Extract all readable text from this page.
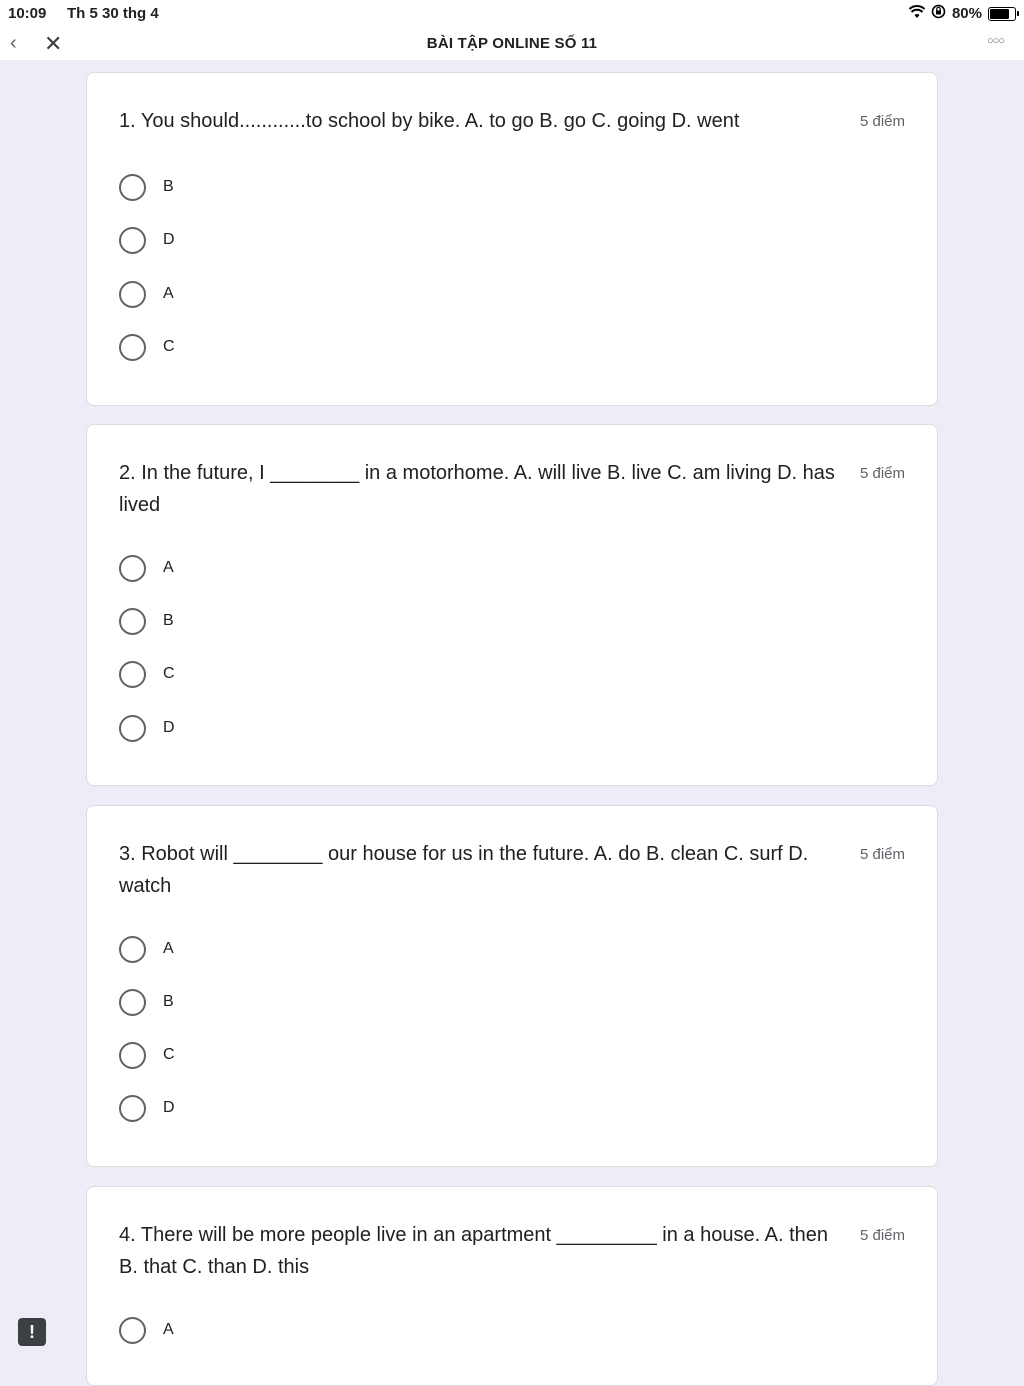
10:09 Th 5 30 thg 4	80%
‹ ✕	BÀI TẬP ONLINE SỐ 11	○○○
1. You should............to school by bike. A. to go B. go C. going D. went	5 điểm
B
D
A
C
2. In the future, I ________ in a motorhome. A. will live B. live C. am living D. has lived
5 điểm
A
B
C
D
3. Robot will ________ our house for us in the future. A. do B. clean C. surf D. watch
5 điểm
A
B
C
D
4. There will be more people live in an apartment _________ in a house. A. then B. that C. than D. this
5 điểm
A
!
